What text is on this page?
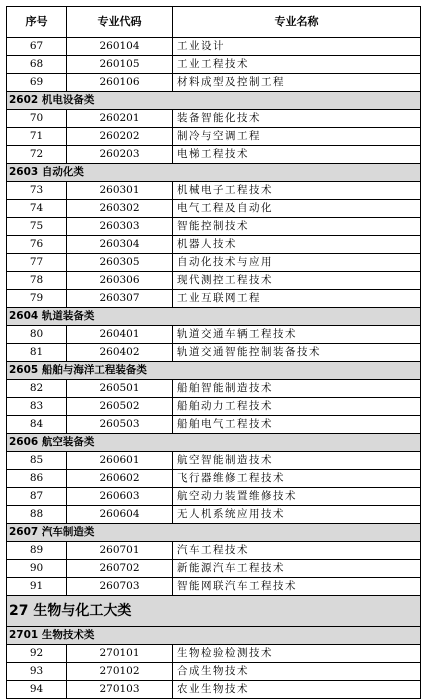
序号	专业代码	专业名称
67	260104	工业设计
68	260105	工业工程技术
69	260106	材料成型及控制工程
2602 机电设备类		
70	260201	装备智能化技术
71	260202	制冷与空调工程
72	260203	电梯工程技术
2603 自动化类		
73	260301	机械电子工程技术
74	260302	电气工程及自动化
75	260303	智能控制技术
76	260304	机器人技术
77	260305	自动化技术与应用
78	260306	现代测控工程技术
79	260307	工业互联网工程
2604 轨道装备类		
80	260401	轨道交通车辆工程技术
81	260402	轨道交通智能控制装备技术
2605 船舶与海洋工程装备类		
82	260501	船舶智能制造技术
83	260502	船舶动力工程技术
84	260503	船舶电气工程技术
2606 航空装备类		
85	260601	航空智能制造技术
86	260602	飞行器维修工程技术
87	260603	航空动力装置维修技术
88	260604	无人机系统应用技术
2607 汽车制造类		
89	260701	汽车工程技术
90	260702	新能源汽车工程技术
91	260703	智能网联汽车工程技术
27 生物与化工大类		
2701 生物技术类		
92	270101	生物检验检测技术
93	270102	合成生物技术
94	270103	农业生物技术
